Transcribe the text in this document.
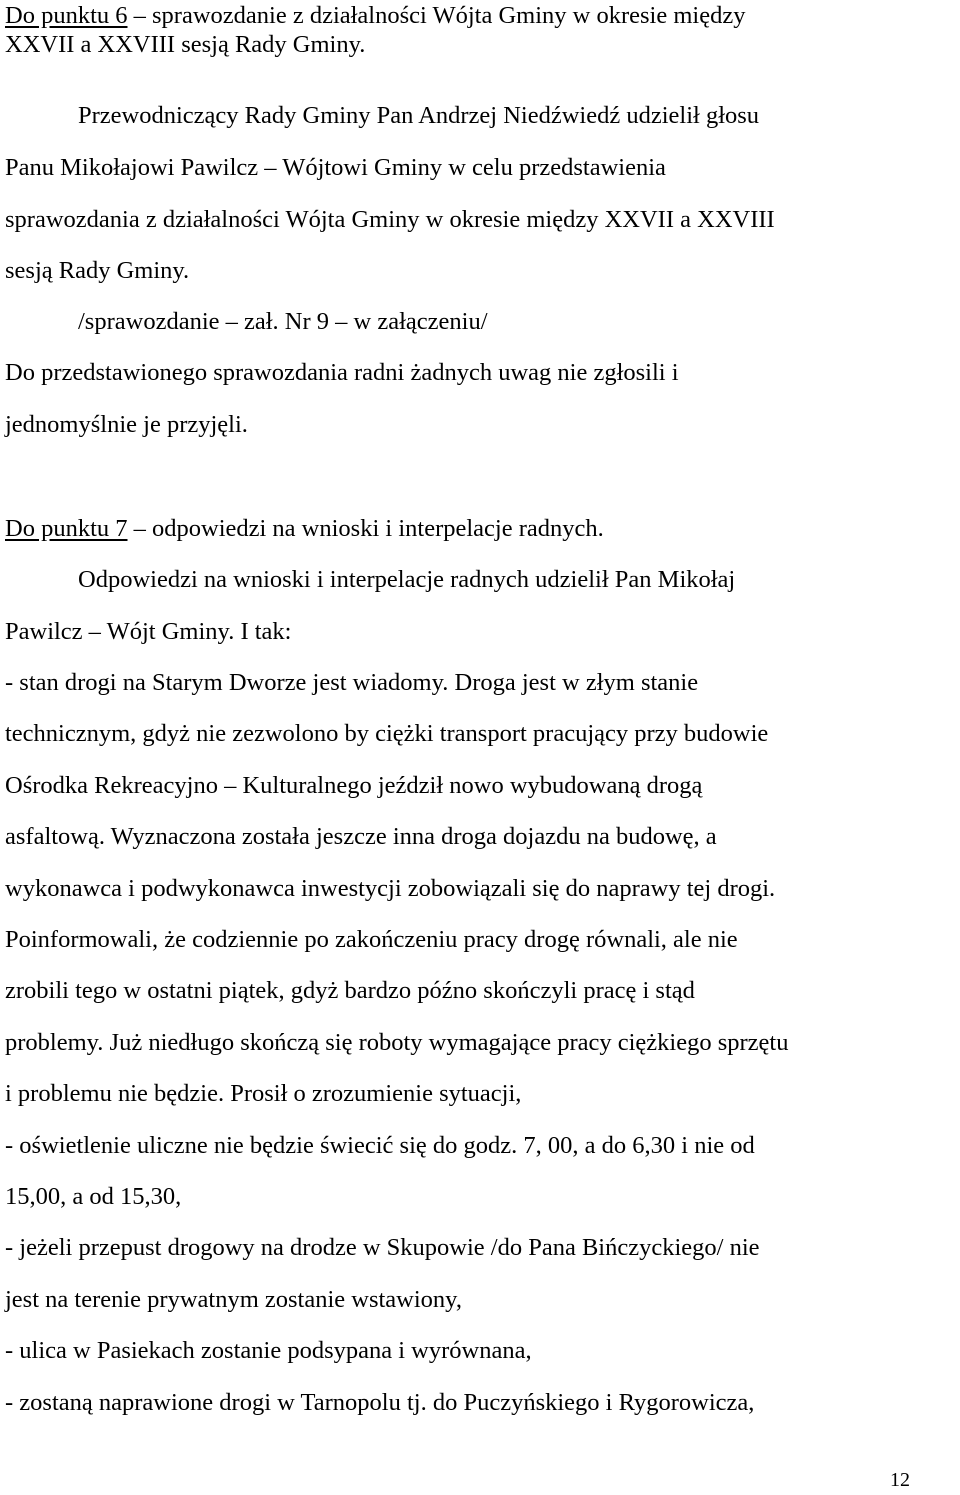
Do punktu 6 – sprawozdanie z działalności Wójta Gminy w okresie między
XXVII a XXVIII sesją Rady Gminy.
Przewodniczący Rady Gminy Pan Andrzej Niedźwiedź udzielił głosu
Panu Mikołajowi Pawilcz – Wójtowi Gminy w celu przedstawienia
sprawozdania z działalności Wójta Gminy w okresie między XXVII a XXVIII
sesją Rady Gminy.
/sprawozdanie – zał. Nr 9 – w załączeniu/
Do przedstawionego sprawozdania radni żadnych uwag nie zgłosili i
jednomyślnie je przyjęli.
Do punktu 7 – odpowiedzi na wnioski i interpelacje radnych.
Odpowiedzi na wnioski i interpelacje radnych udzielił Pan Mikołaj
Pawilcz – Wójt Gminy. I tak:
- stan drogi na Starym Dworze jest wiadomy. Droga jest w złym stanie
technicznym, gdyż nie zezwolono by ciężki transport pracujący przy budowie
Ośrodka Rekreacyjno – Kulturalnego jeździł nowo wybudowaną drogą
asfaltową. Wyznaczona została jeszcze inna droga dojazdu na budowę, a
wykonawca i podwykonawca inwestycji zobowiązali się do naprawy tej drogi.
Poinformowali, że codziennie po zakończeniu pracy drogę równali, ale nie
zrobili tego w ostatni piątek, gdyż bardzo późno skończyli pracę i stąd
problemy. Już niedługo skończą się roboty wymagające pracy ciężkiego sprzętu
i problemu nie będzie. Prosił o zrozumienie sytuacji,
- oświetlenie uliczne nie będzie świecić się do godz. 7, 00, a do 6,30 i nie od
15,00, a od 15,30,
- jeżeli przepust drogowy na drodze w Skupowie /do Pana Bińczyckiego/ nie
jest na terenie prywatnym zostanie wstawiony,
- ulica w Pasiekach zostanie podsypana i wyrównana,
- zostaną naprawione drogi w Tarnopolu tj. do Puczyńskiego i Rygorowicza,
12
